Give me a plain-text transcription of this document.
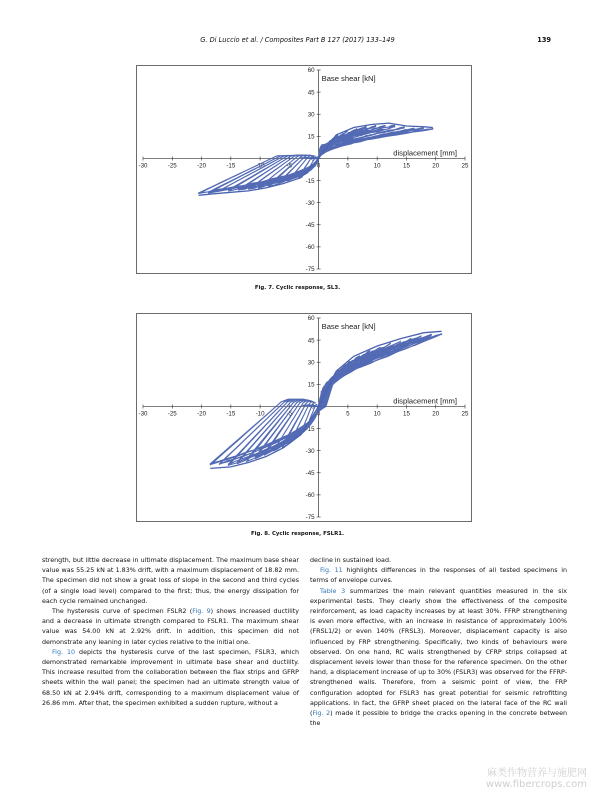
G. Di Luccio et al. / Composites Part B 127 (2017) 133–149	139
-30	-25	-20	-15	-10	-5	0	5	10	15	20	25
60
45
30
15
0
-15
-30
-45
-60
-75
Base shear [kN]
displacement [mm]
Fig. 7. Cyclic response, SL3.
-30	-25	-20	-15	-10	-5	0	5	10	15	20	25
60
45
30
15
0
-15
-30
-45
-60
-75
Base shear [kN]
displacement [mm]
Fig. 8. Cyclic response, FSLR1.

strength, but little decrease in ultimate displacement. The maximum base shear value was 55.25 kN at 1.83% drift, with a maximum displacement of 18.82 mm. The specimen did not show a great loss of slope in the second and third cycles (of a single load level) compared to the first; thus, the energy dissipation for each cycle remained unchanged.

The hysteresis curve of specimen FSLR2 (Fig. 9) shows increased ductility and a decrease in ultimate strength compared to FSLR1. The maximum shear value was 54.00 kN at 2.92% drift. In addition, this specimen did not demonstrate any leaning in later cycles relative to the initial one.

Fig. 10 depicts the hysteresis curve of the last specimen, FSLR3, which demonstrated remarkable improvement in ultimate base shear and ductility. This increase resulted from the collaboration between the flax strips and GFRP sheets within the wall panel; the specimen had an ultimate strength value of 68.50 kN at 2.94% drift, corresponding to a maximum displacement value of 26.86 mm. After that, the specimen exhibited a sudden rupture, without a

decline in sustained load.

Fig. 11 highlights differences in the responses of all tested specimens in terms of envelope curves.

Table 3 summarizes the main relevant quantities measured in the six experimental tests. They clearly show the effectiveness of the composite reinforcement, as load capacity increases by at least 30%. FFRP strengthening is even more effective, with an increase in resistance of approximately 100% (FRSL1/2) or even 140% (FRSL3). Moreover, displacement capacity is also influenced by FRP strengthening. Specifically, two kinds of behaviours were observed. On one hand, RC walls strengthened by CFRP strips collapsed at displacement levels lower than those for the reference specimen. On the other hand, a displacement increase of up to 30% (FSLR3) was observed for the FFRP-strengthened walls. Therefore, from a seismic point of view, the FRP configuration adopted for FSLR3 has great potential for seismic retrofitting applications. In fact, the GFRP sheet placed on the lateral face of the RC wall (Fig. 2) made it possible to bridge the cracks opening in the concrete between the

麻类作物营养与施肥网
www.fibercrops.com
